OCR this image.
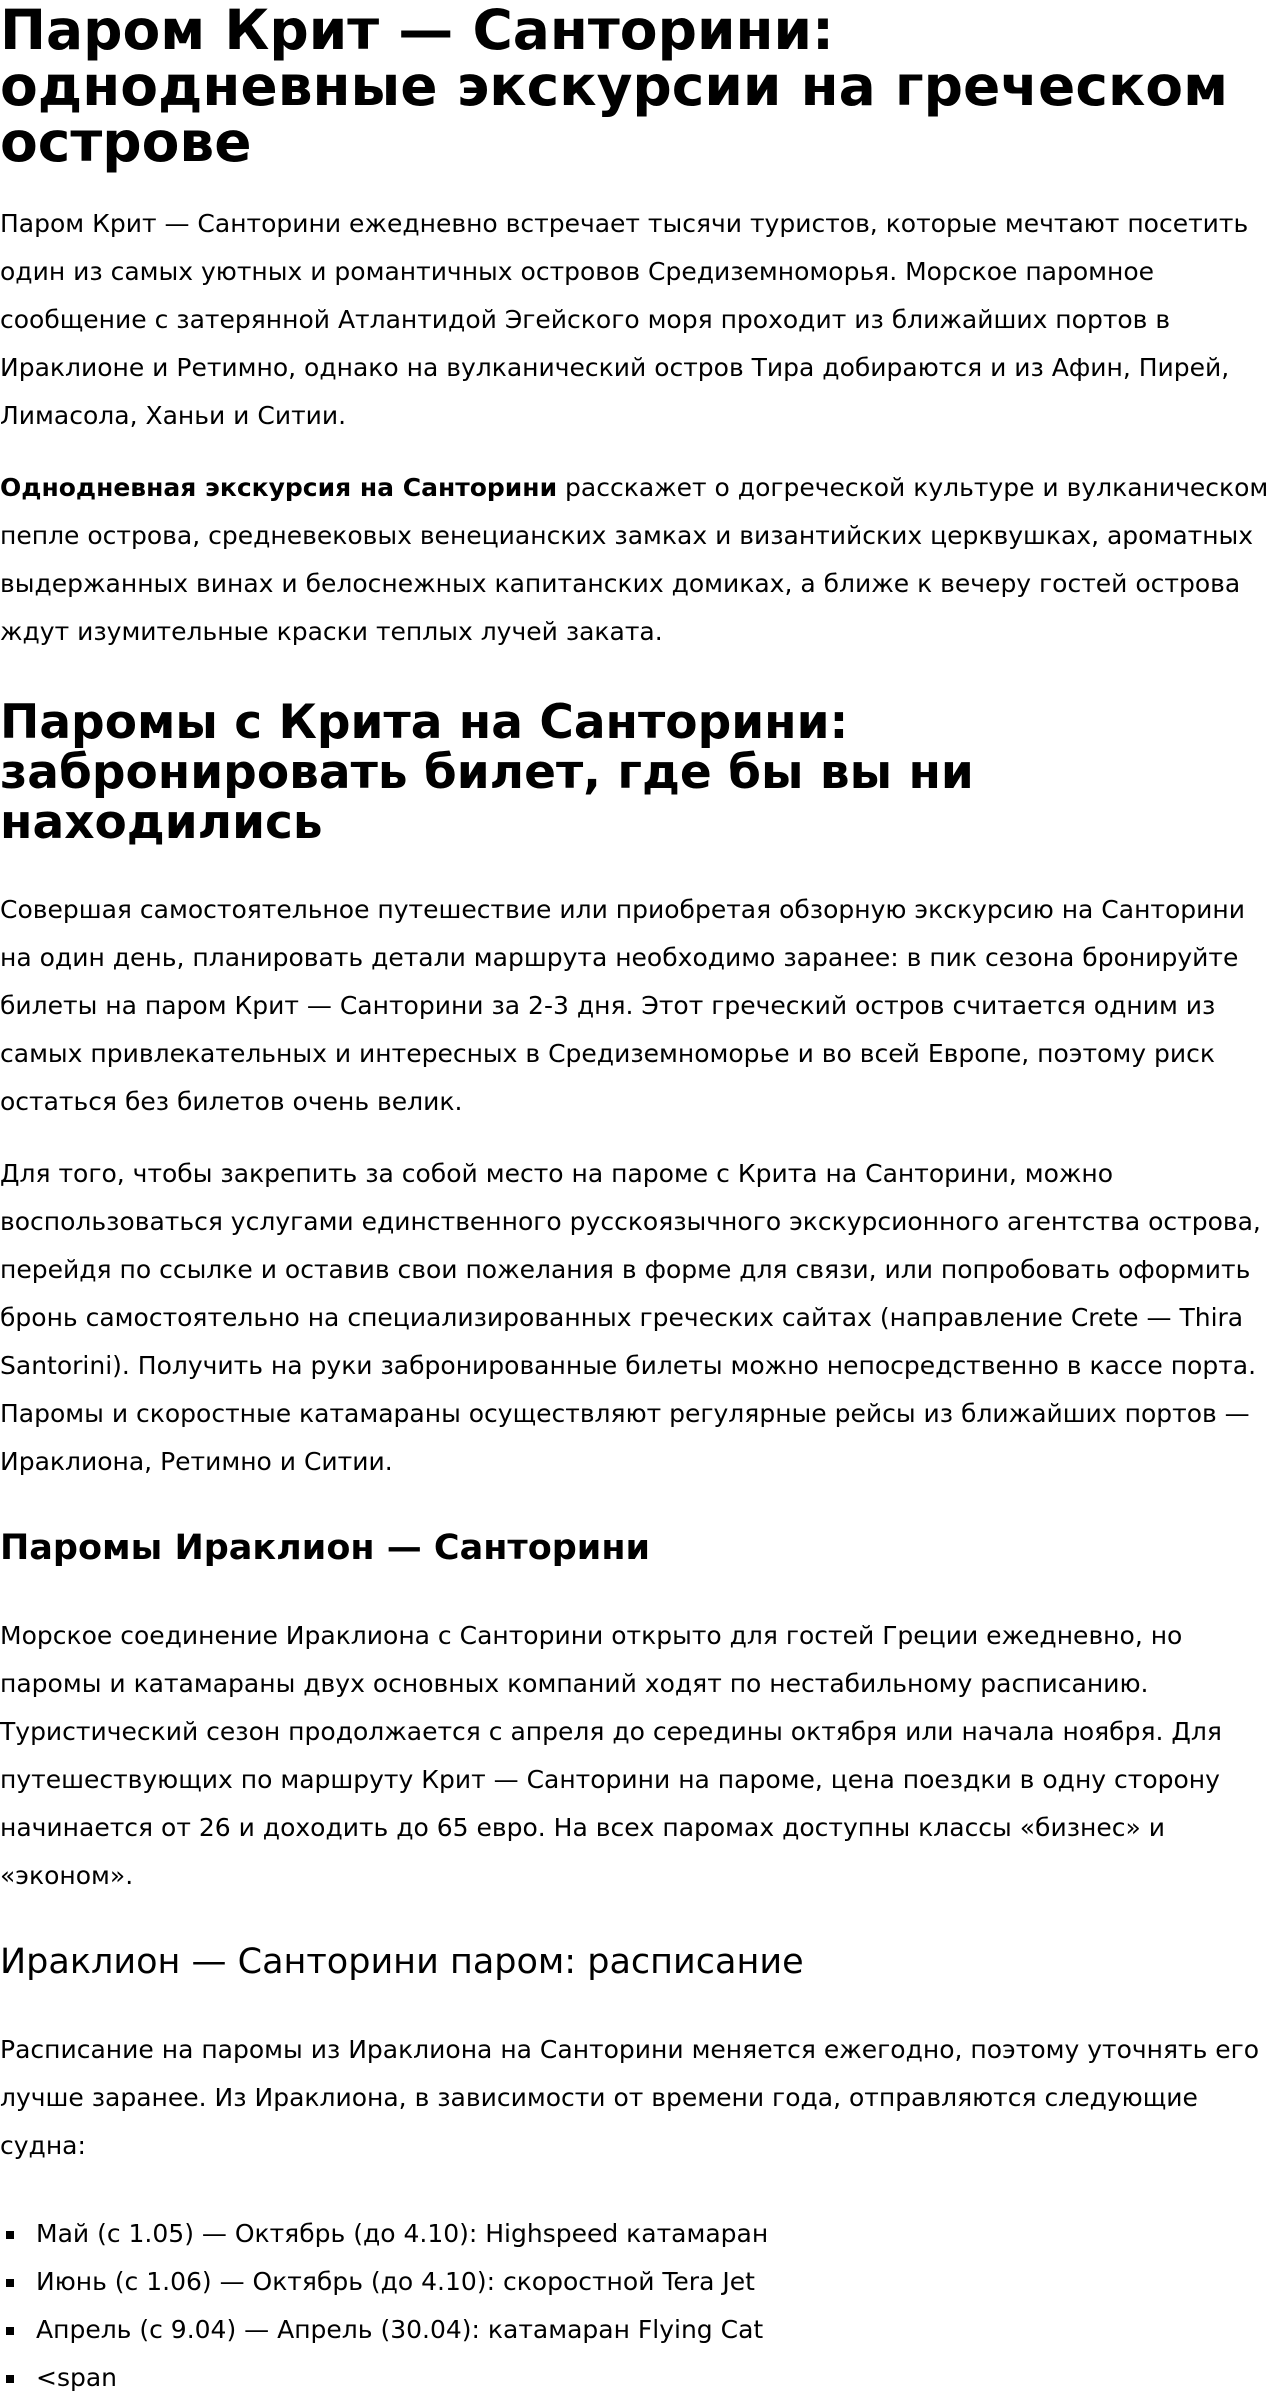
Паром Крит — Санторини: однодневные экскурсии на греческом острове

Паром Крит — Санторини ежедневно встречает тысячи туристов, которые мечтают посетить один из самых уютных и романтичных островов Средиземноморья. Морское паромное сообщение с затерянной Атлантидой Эгейского моря проходит из ближайших портов в Ираклионе и Ретимно, однако на вулканический остров Тира добираются и из Афин, Пирей, Лимасола, Ханьи и Ситии.

Однодневная экскурсия на Санторини расскажет о догреческой культуре и вулканическом пепле острова, средневековых венецианских замках и византийских церквушках, ароматных выдержанных винах и белоснежных капитанских домиках, а ближе к вечеру гостей острова ждут изумительные краски теплых лучей заката.

Паромы с Крита на Санторини: забронировать билет, где бы вы ни находились

Совершая самостоятельное путешествие или приобретая обзорную экскурсию на Санторини на один день, планировать детали маршрута необходимо заранее: в пик сезона бронируйте билеты на паром Крит — Санторини за 2-3 дня. Этот греческий остров считается одним из самых привлекательных и интересных в Средиземноморье и во всей Европе, поэтому риск остаться без билетов очень велик.

Для того, чтобы закрепить за собой место на пароме с Крита на Санторини, можно воспользоваться услугами единственного русскоязычного экскурсионного агентства острова, перейдя по ссылке и оставив свои пожелания в форме для связи, или попробовать оформить бронь самостоятельно на специализированных греческих сайтах (направление Crete — Thira Santorini). Получить на руки забронированные билеты можно непосредственно в кассе порта. Паромы и скоростные катамараны осуществляют регулярные рейсы из ближайших портов — Ираклиона, Ретимно и Ситии.

Паромы Ираклион — Санторини

Морское соединение Ираклиона с Санторини открыто для гостей Греции ежедневно, но паромы и катамараны двух основных компаний ходят по нестабильному расписанию. Туристический сезон продолжается с апреля до середины октября или начала ноября. Для путешествующих по маршруту Крит — Санторини на пароме, цена поездки в одну сторону начинается от 26 и доходить до 65 евро. На всех паромах доступны классы «бизнес» и «эконом».

Ираклион — Санторини паром: расписание

Расписание на паромы из Ираклиона на Санторини меняется ежегодно, поэтому уточнять его лучше заранее. Из Ираклиона, в зависимости от времени года, отправляются следующие судна:

Май (с 1.05) — Октябрь (до 4.10): Highspeed катамаран
Июнь (с 1.06) — Октябрь (до 4.10): скоростной Tera Jet
Апрель (с 9.04) — Апрель (30.04): катамаран Flying Cat
<span
